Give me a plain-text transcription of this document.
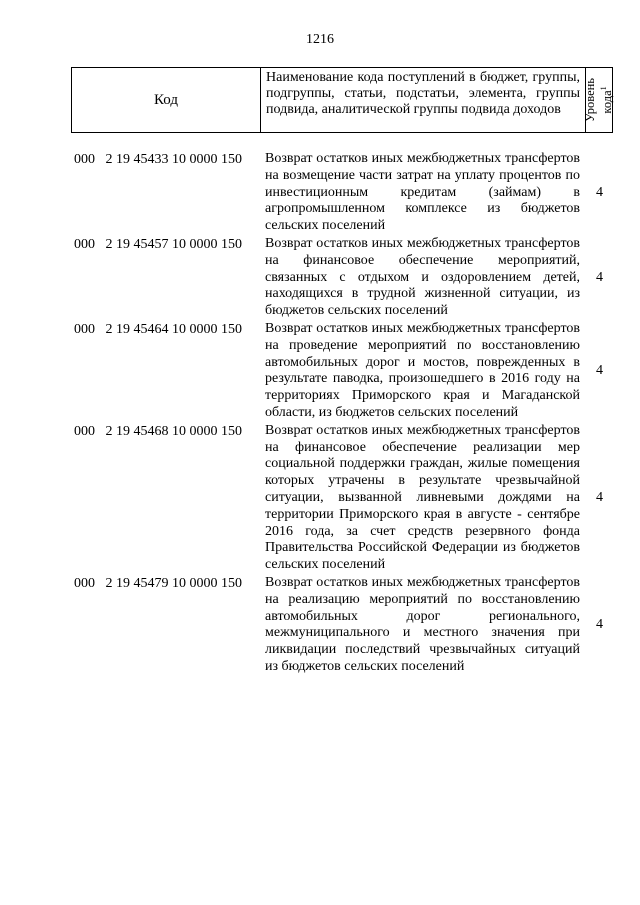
1216
Код
Наименование кода поступлений в бюджет, группы, подгруппы, статьи, подстатьи, элемента, группы подвида, аналитической группы подвида доходов	Уровень кода$^1$
000 2 19 45433 10 0000 150 Возврат остатков иных межбюджетных трансфертов на возмещение части затрат на уплату процентов по инвестиционным кредитам (займам) в агропромышленном комплексе из бюджетов сельских поселений
4
000 2 19 45457 10 0000 150 Возврат остатков иных межбюджетных трансфертов на финансовое обеспечение мероприятий, связанных с отдыхом и оздоровлением детей, находящихся в трудной жизненной ситуации, из бюджетов сельских поселений
4
000 2 19 45464 10 0000 150 Возврат остатков иных межбюджетных трансфертов на проведение мероприятий по восстановлению автомобильных дорог и мостов, поврежденных в результате паводка, произошедшего в 2016 году на территориях Приморского края и Магаданской области, из бюджетов сельских поселений
4
000 2 19 45468 10 0000 150 Возврат остатков иных межбюджетных трансфертов на финансовое обеспечение реализации мер социальной поддержки граждан, жилые помещения которых утрачены в результате чрезвычайной ситуации, вызванной ливневыми дождями на территории Приморского края в августе - сентябре 2016 года, за счет средств резервного фонда Правительства Российской Федерации из бюджетов сельских поселений
4
000 2 19 45479 10 0000 150 Возврат остатков иных межбюджетных трансфертов на реализацию мероприятий по восстановлению автомобильных дорог регионального, межмуниципального и местного значения при ликвидации последствий чрезвычайных ситуаций из бюджетов сельских поселений
4
